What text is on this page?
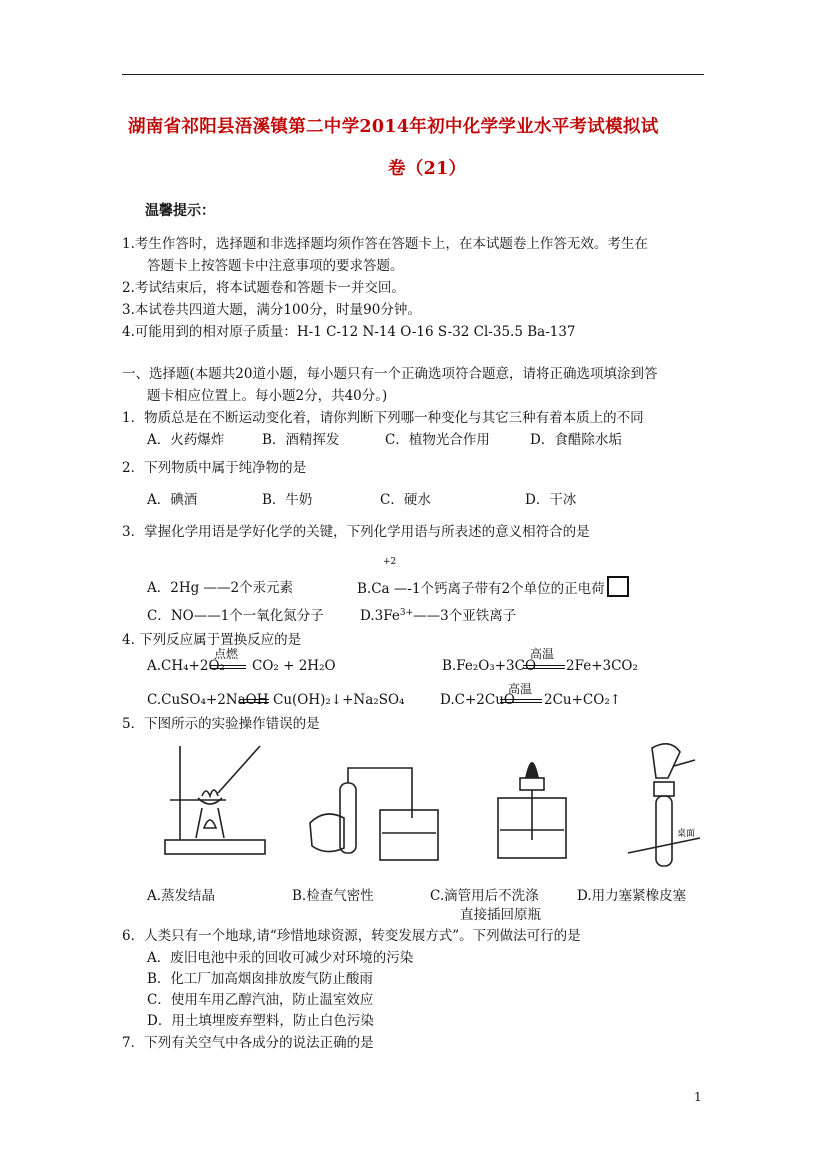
湖南省祁阳县浯溪镇第二中学2014年初中化学学业水平考试模拟试
卷（21）
温馨提示：
1.考生作答时，选择题和非选择题均须作答在答题卡上，在本试题卷上作答无效。考生在
答题卡上按答题卡中注意事项的要求答题。
2.考试结束后，将本试题卷和答题卡一并交回。
3.本试卷共四道大题，满分100分，时量90分钟。
4.可能用到的相对原子质量：H-1 C-12 N-14 O-16 S-32 Cl-35.5 Ba-137
一、选择题(本题共20道小题，每小题只有一个正确选项符合题意，请将正确选项填涂到答
题卡相应位置上。每小题2分，共40分。)
1．物质总是在不断运动变化着，请你判断下列哪一种变化与其它三种有着本质上的不同
A．火药爆炸	B．酒精挥发	C．植物光合作用	D．食醋除水垢
2．下列物质中属于纯净物的是
A．碘酒	B．牛奶	C．硬水	D．干冰
3．掌握化学用语是学好化学的关键，下列化学用语与所表述的意义相符合的是
+2
A．2Hg ——2个汞元素	B.Ca —-1个钙离子带有2个单位的正电荷
C．NO——1个一氧化氮分子	$D.3Fe^{3+}——3$个亚铁离子
4. 下列反应属于置换反应的是
点燃
A.CH₄+2O₂ CO₂ + 2H₂O
高温
B.Fe₂O₃+3CO 2Fe+3CO₂
C.CuSO₄+2NaOH Cu(OH)₂↓+Na₂SO₄
高温
D.C+2CuO 2Cu+CO₂↑
5．下图所示的实验操作错误的是
桌面
A.蒸发结晶	B.检查气密性	C.滴管用后不洗涤
直接插回原瓶
D.用力塞紧橡皮塞
6．人类只有一个地球,请“珍惜地球资源，转变发展方式”。下列做法可行的是
A．废旧电池中汞的回收可减少对环境的污染
B．化工厂加高烟囱排放废气防止酸雨
C．使用车用乙醇汽油，防止温室效应
D．用土填埋废弃塑料，防止白色污染
7．下列有关空气中各成分的说法正确的是
1
